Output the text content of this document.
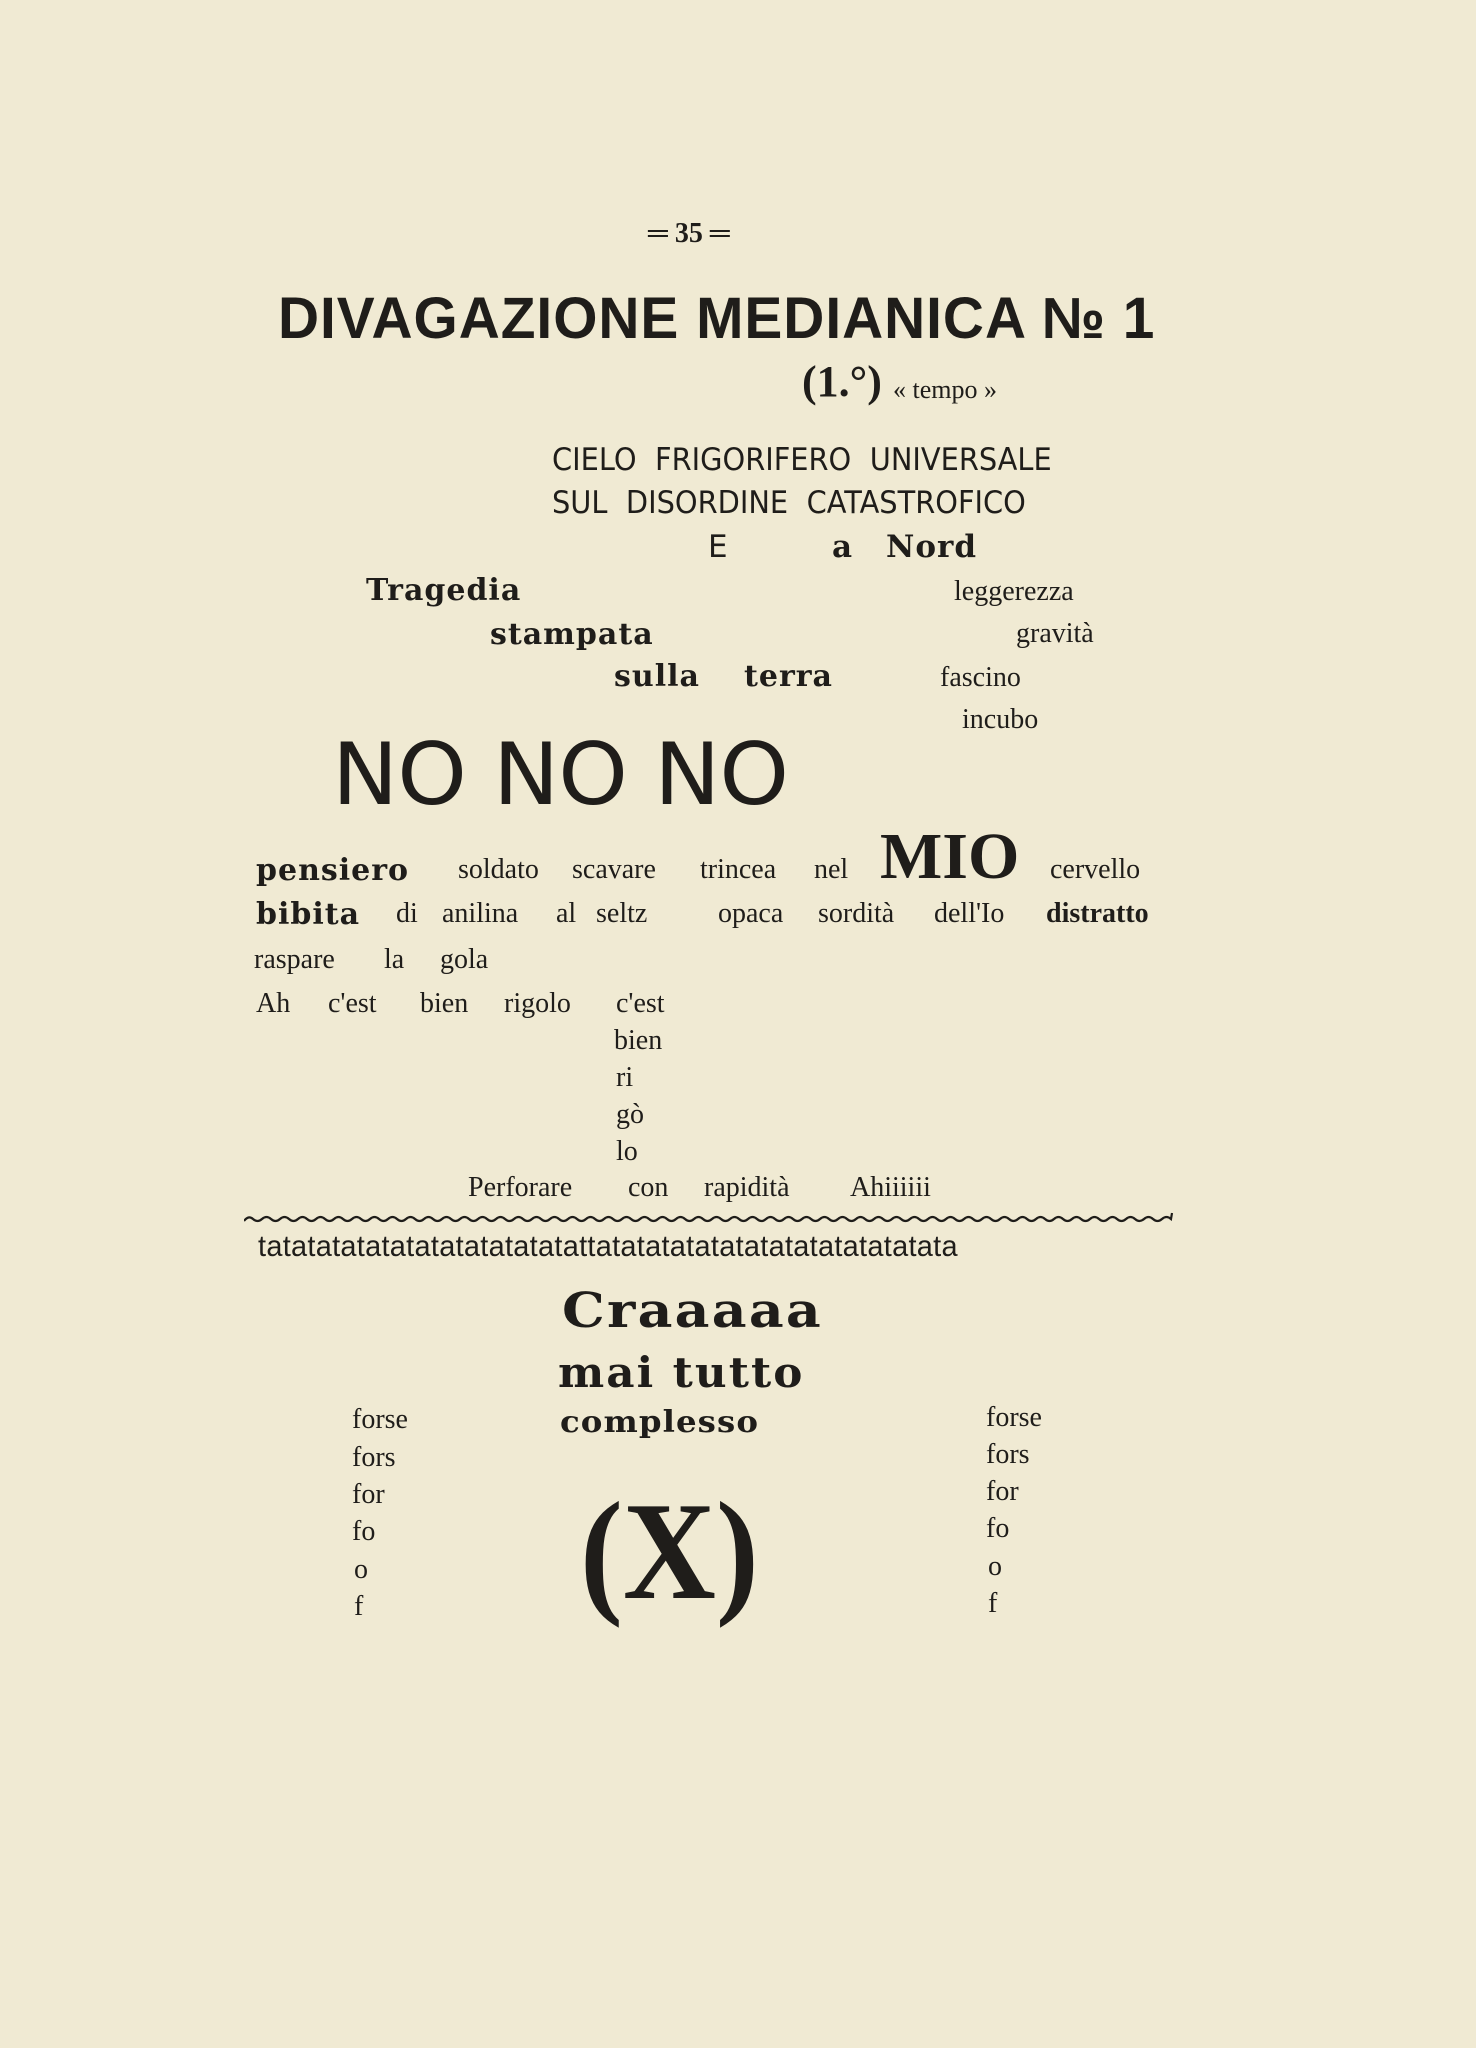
═ 35 ═
DIVAGAZIONE MEDIANICA № 1
(1.°) « tempo »
CIELO FRIGORIFERO UNIVERSALE
SUL DISORDINE CATASTROFICO
E	a Nord
Tragedia
stampata
sulla terra
leggerezza
gravità
fascino
incubo
NO NO NO
pensiero soldato scavare trincea nel MIO cervello
bibita di anilina al seltz	opaca sordità dell'Io distratto
raspare la gola
Ah c'est bien rigolo c'est
bien
ri
gò
lo
Perforare con rapidità Ahiiiiii
tatatatatatatatatatatatatattatatatatatatatatatatatatatata
Craaaaa
mai tutto
complesso
(X)
forse
fors
for
fo
o
f
forse
fors
for
fo
o
f
